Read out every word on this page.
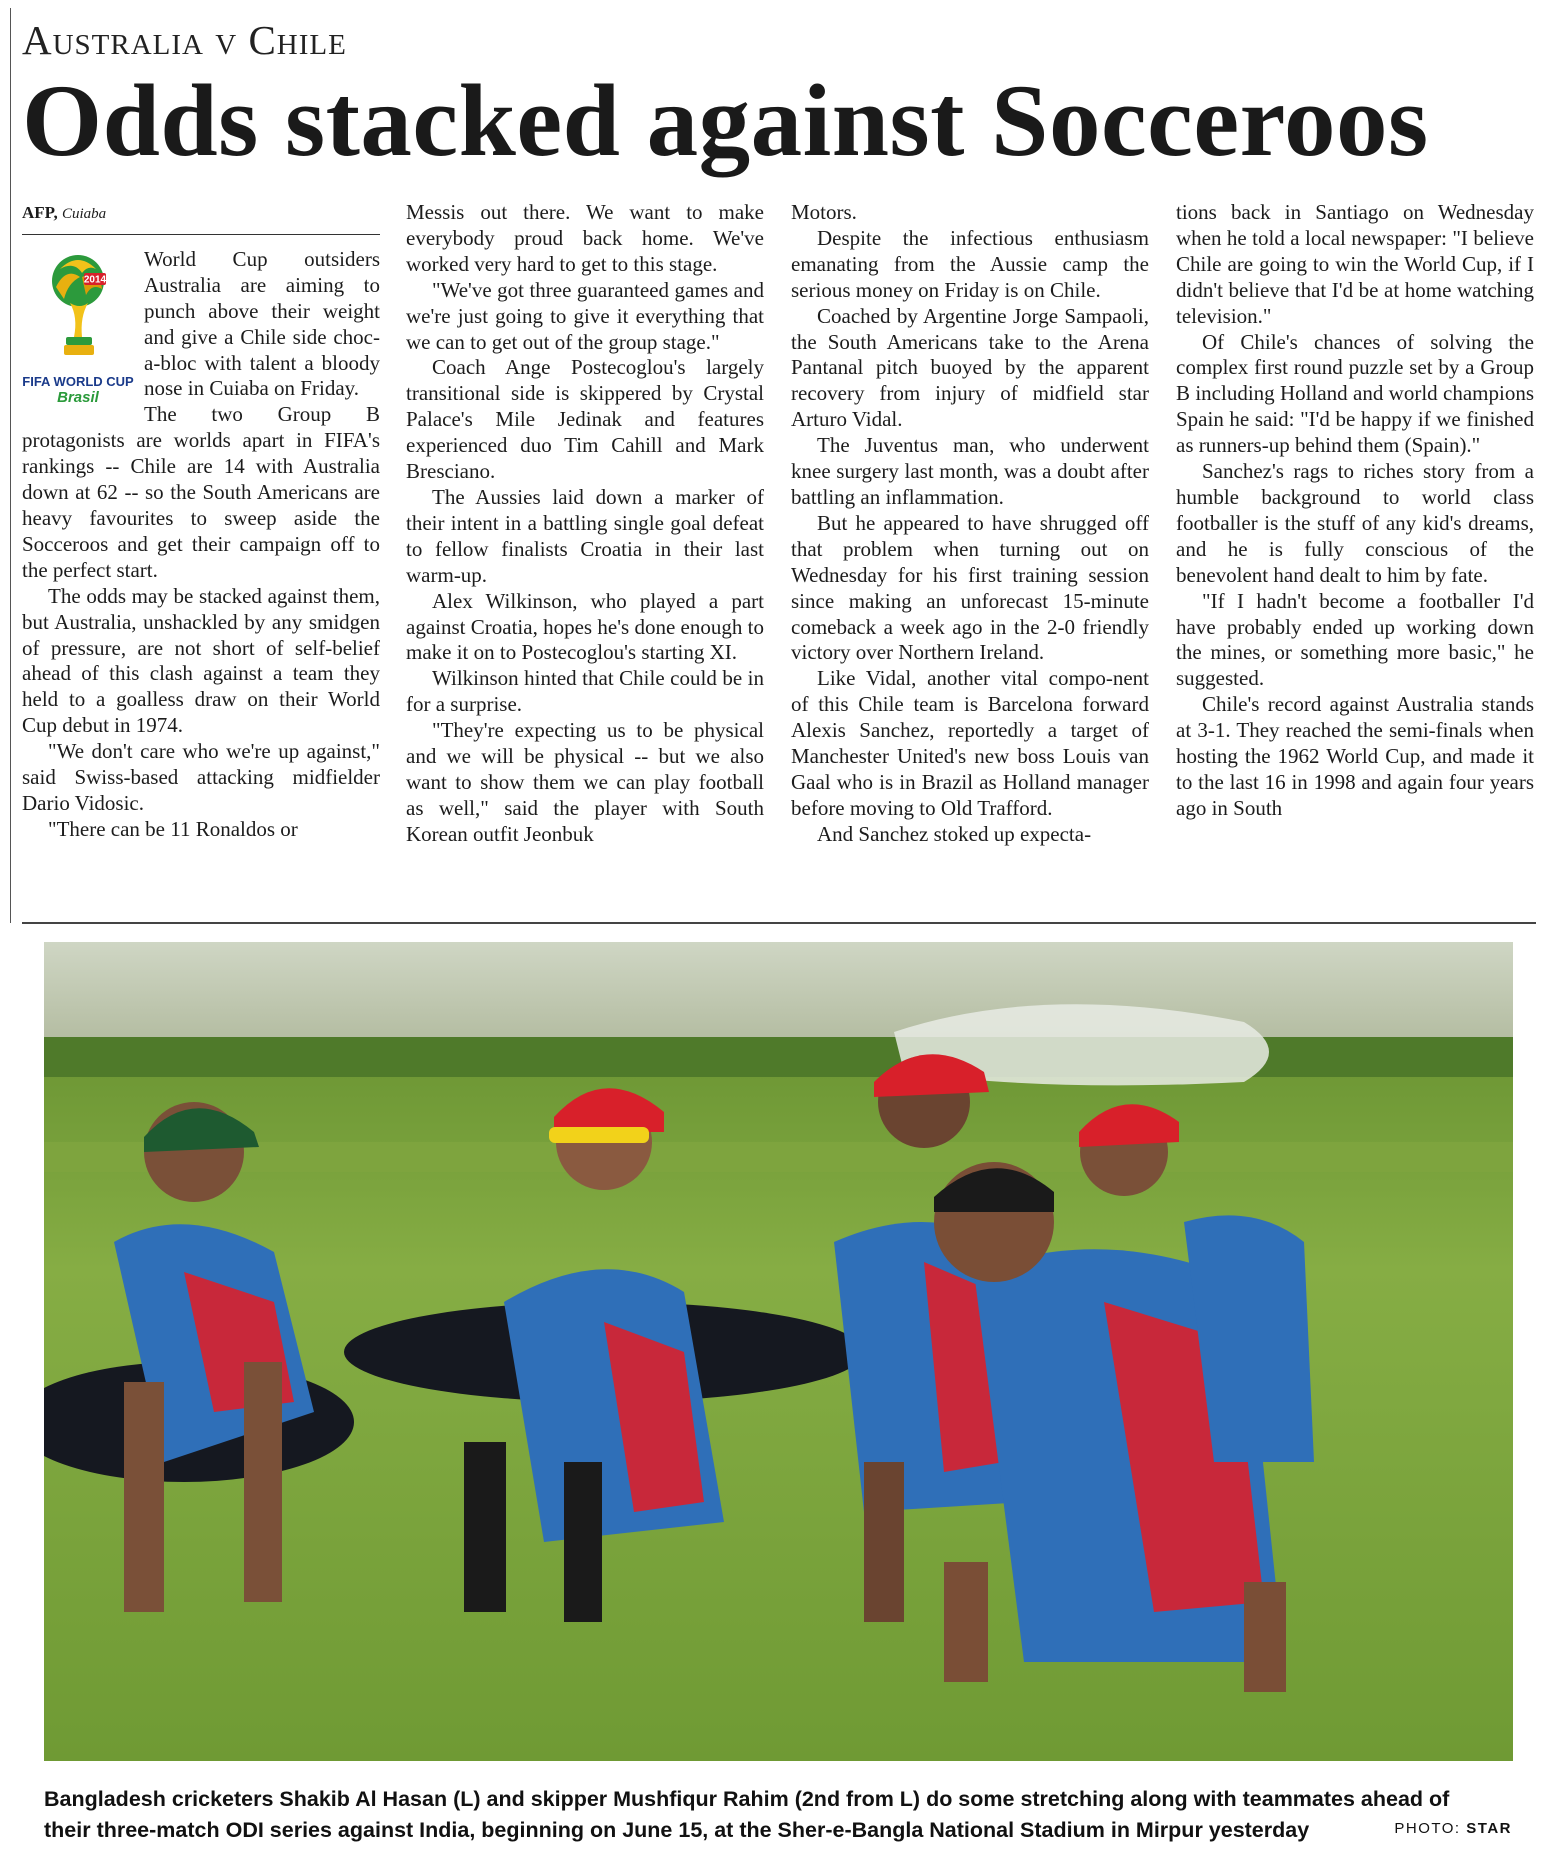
Australia v Chile
Odds stacked against Socceroos
AFP, Cuiaba
2014
FIFA WORLD CUP
Brasil

World Cup outsiders Australia are aiming to punch above their weight and give a Chile side choc-a-bloc with talent a bloody nose in Cuiaba on Friday.

The two Group B protagonists are worlds apart in FIFA's rankings -- Chile are 14 with Australia down at 62 -- so the South Americans are heavy favourites to sweep aside the Socceroos and get their campaign off to the perfect start.

The odds may be stacked against them, but Australia, unshackled by any smidgen of pressure, are not short of self-belief ahead of this clash against a team they held to a goalless draw on their World Cup debut in 1974.

"We don't care who we're up against," said Swiss-based attacking midfielder Dario Vidosic.

"There can be 11 Ronaldos or

Messis out there. We want to make everybody proud back home. We've worked very hard to get to this stage.

"We've got three guaranteed games and we're just going to give it everything that we can to get out of the group stage."

Coach Ange Postecoglou's largely transitional side is skippered by Crystal Palace's Mile Jedinak and features experienced duo Tim Cahill and Mark Bresciano.

The Aussies laid down a marker of their intent in a battling single goal defeat to fellow finalists Croatia in their last warm-up.

Alex Wilkinson, who played a part against Croatia, hopes he's done enough to make it on to Postecoglou's starting XI.

Wilkinson hinted that Chile could be in for a surprise.

"They're expecting us to be physical and we will be physical -- but we also want to show them we can play football as well," said the player with South Korean outfit Jeonbuk

Motors.

Despite the infectious enthusiasm emanating from the Aussie camp the serious money on Friday is on Chile.

Coached by Argentine Jorge Sampaoli, the South Americans take to the Arena Pantanal pitch buoyed by the apparent recovery from injury of midfield star Arturo Vidal.

The Juventus man, who underwent knee surgery last month, was a doubt after battling an inflammation.

But he appeared to have shrugged off that problem when turning out on Wednesday for his first training session since making an unforecast 15-minute comeback a week ago in the 2-0 friendly victory over Northern Ireland.

Like Vidal, another vital compo-nent of this Chile team is Barcelona forward Alexis Sanchez, reportedly a target of Manchester United's new boss Louis van Gaal who is in Brazil as Holland manager before moving to Old Trafford.

And Sanchez stoked up expecta-

tions back in Santiago on Wednesday when he told a local newspaper: "I believe Chile are going to win the World Cup, if I didn't believe that I'd be at home watching television."

Of Chile's chances of solving the complex first round puzzle set by a Group B including Holland and world champions Spain he said: "I'd be happy if we finished as runners-up behind them (Spain)."

Sanchez's rags to riches story from a humble background to world class footballer is the stuff of any kid's dreams, and he is fully conscious of the benevolent hand dealt to him by fate.

"If I hadn't become a footballer I'd have probably ended up working down the mines, or something more basic," he suggested.

Chile's record against Australia stands at 3-1. They reached the semi-finals when hosting the 1962 World Cup, and made it to the last 16 in 1998 and again four years ago in South

Bangladesh cricketers Shakib Al Hasan (L) and skipper Mushfiqur Rahim (2nd from L) do some stretching along with teammates ahead of their three-match ODI series against India, beginning on June 15, at the Sher-e-Bangla National Stadium in Mirpur yesterday	PHOTO: STAR
